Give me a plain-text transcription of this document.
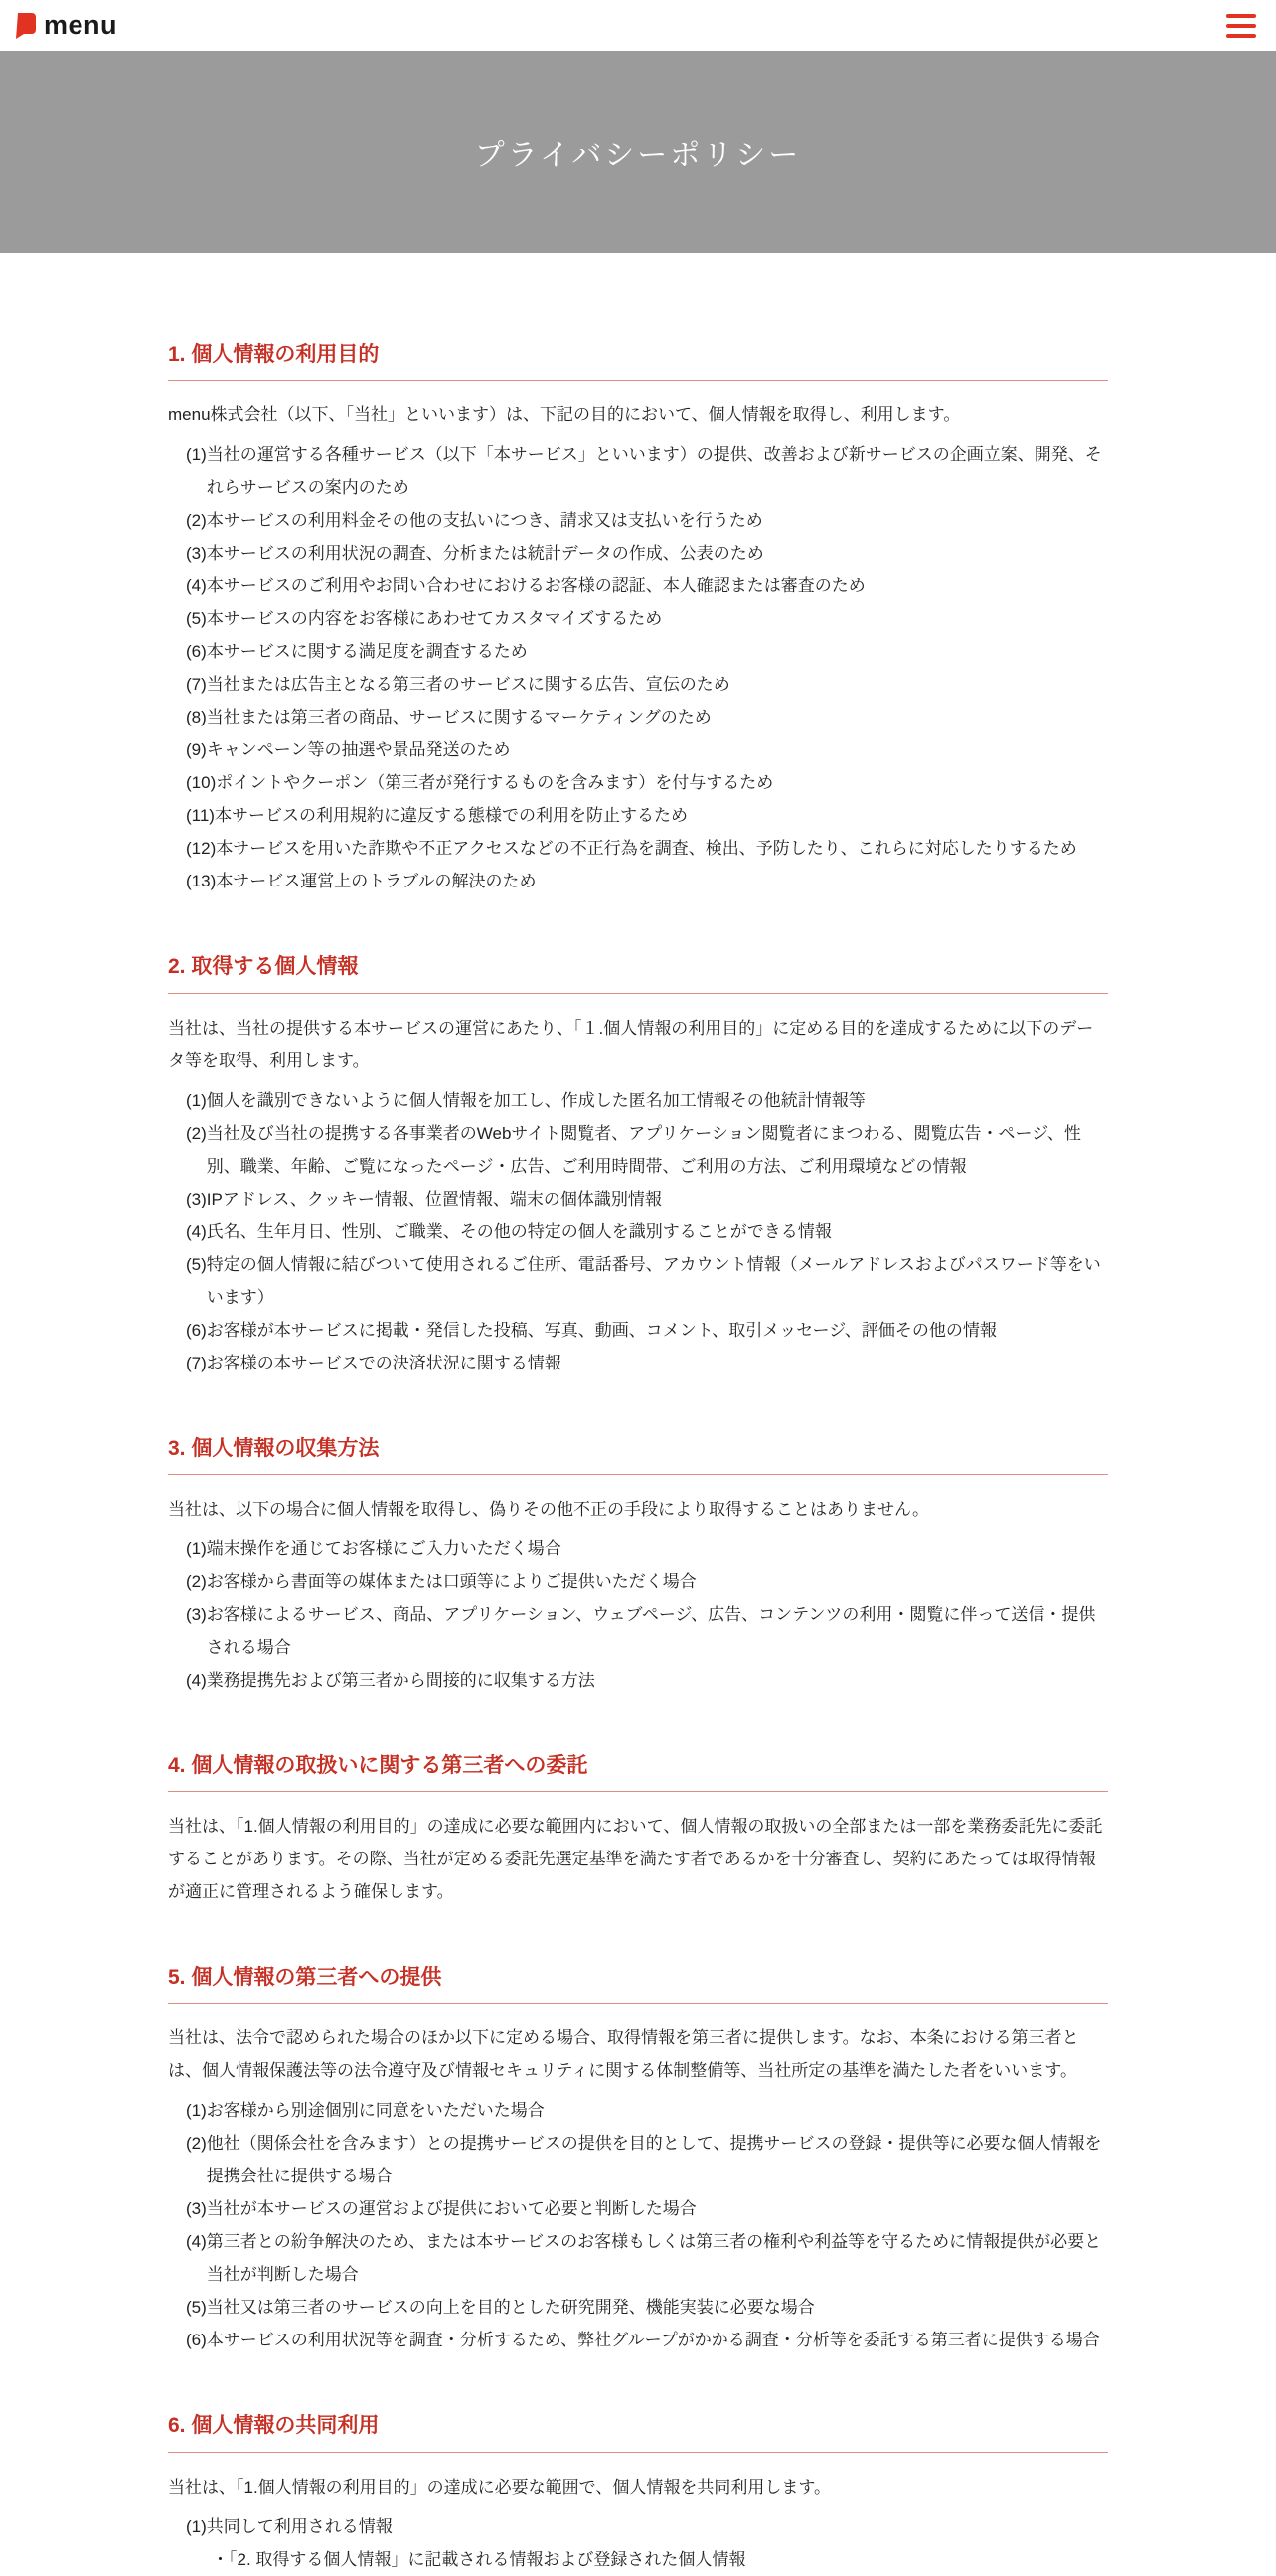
menu
プライバシーポリシー
1. 個人情報の利用目的

menu株式会社（以下、「当社」といいます）は、下記の目的において、個人情報を取得し、利用します。

(1) 当社の運営する各種サービス（以下「本サービス」といいます）の提供、改善および新サービスの企画立案、開発、それらサービスの案内のため
(2) 本サービスの利用料金その他の支払いにつき、請求又は支払いを行うため
(3) 本サービスの利用状況の調査、分析または統計データの作成、公表のため
(4) 本サービスのご利用やお問い合わせにおけるお客様の認証、本人確認または審査のため
(5) 本サービスの内容をお客様にあわせてカスタマイズするため
(6) 本サービスに関する満足度を調査するため
(7) 当社または広告主となる第三者のサービスに関する広告、宣伝のため
(8) 当社または第三者の商品、サービスに関するマーケティングのため
(9) キャンペーン等の抽選や景品発送のため
(10) ポイントやクーポン（第三者が発行するものを含みます）を付与するため
(11) 本サービスの利用規約に違反する態様での利用を防止するため
(12) 本サービスを用いた詐欺や不正アクセスなどの不正行為を調査、検出、予防したり、これらに対応したりするため
(13) 本サービス運営上のトラブルの解決のため
2. 取得する個人情報

当社は、当社の提供する本サービスの運営にあたり、「１.個人情報の利用目的」に定める目的を達成するために以下のデータ等を取得、利用します。

(1) 個人を識別できないように個人情報を加工し、作成した匿名加工情報その他統計情報等
(2) 当社及び当社の提携する各事業者のWebサイト閲覧者、アプリケーション閲覧者にまつわる、閲覧広告・ページ、性別、職業、年齢、ご覧になったページ・広告、ご利用時間帯、ご利用の方法、ご利用環境などの情報
(3) IPアドレス、クッキー情報、位置情報、端末の個体識別情報
(4) 氏名、生年月日、性別、ご職業、その他の特定の個人を識別することができる情報
(5) 特定の個人情報に結びついて使用されるご住所、電話番号、アカウント情報（メールアドレスおよびパスワード等をいいます）
(6) お客様が本サービスに掲載・発信した投稿、写真、動画、コメント、取引メッセージ、評価その他の情報
(7) お客様の本サービスでの決済状況に関する情報
3. 個人情報の収集方法

当社は、以下の場合に個人情報を取得し、偽りその他不正の手段により取得することはありません。

(1) 端末操作を通じてお客様にご入力いただく場合
(2) お客様から書面等の媒体または口頭等によりご提供いただく場合
(3) お客様によるサービス、商品、アプリケーション、ウェブページ、広告、コンテンツの利用・閲覧に伴って送信・提供される場合
(4) 業務提携先および第三者から間接的に収集する方法
4. 個人情報の取扱いに関する第三者への委託

当社は、「1.個人情報の利用目的」の達成に必要な範囲内において、個人情報の取扱いの全部または一部を業務委託先に委託することがあります。その際、当社が定める委託先選定基準を満たす者であるかを十分審査し、契約にあたっては取得情報が適正に管理されるよう確保します。

5. 個人情報の第三者への提供

当社は、法令で認められた場合のほか以下に定める場合、取得情報を第三者に提供します。なお、本条における第三者とは、個人情報保護法等の法令遵守及び情報セキュリティに関する体制整備等、当社所定の基準を満たした者をいいます。

(1) お客様から別途個別に同意をいただいた場合
(2) 他社（関係会社を含みます）との提携サービスの提供を目的として、提携サービスの登録・提供等に必要な個人情報を提携会社に提供する場合
(3) 当社が本サービスの運営および提供において必要と判断した場合
(4) 第三者との紛争解決のため、または本サービスのお客様もしくは第三者の権利や利益等を守るために情報提供が必要と当社が判断した場合
(5) 当社又は第三者のサービスの向上を目的とした研究開発、機能実装に必要な場合
(6) 本サービスの利用状況等を調査・分析するため、弊社グループがかかる調査・分析等を委託する第三者に提供する場合
6. 個人情報の共同利用

当社は、「1.個人情報の利用目的」の達成に必要な範囲で、個人情報を共同利用します。

(1) 共同して利用される情報
・「2. 取得する個人情報」に記載される情報および登録された個人情報
